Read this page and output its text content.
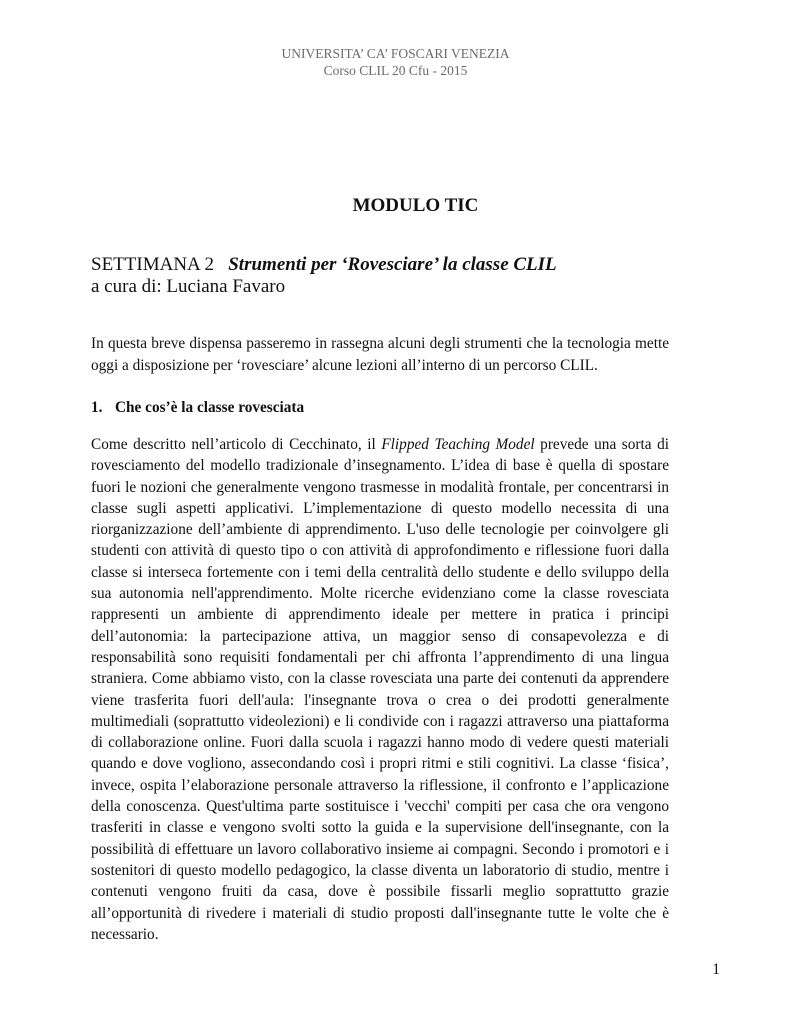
UNIVERSITA’ CA’ FOSCARI VENEZIA
Corso CLIL 20 Cfu - 2015
MODULO TIC
SETTIMANA 2 Strumenti per ‘Rovesciare’ la classe CLIL
a cura di: Luciana Favaro
In questa breve dispensa passeremo in rassegna alcuni degli strumenti che la tecnologia mette oggi a disposizione per ‘rovesciare’ alcune lezioni all’interno di un percorso CLIL.
1. Che cos’è la classe rovesciata
Come descritto nell’articolo di Cecchinato, il Flipped Teaching Model prevede una sorta di rovesciamento del modello tradizionale d’insegnamento. L’idea di base è quella di spostare fuori le nozioni che generalmente vengono trasmesse in modalità frontale, per concentrarsi in classe sugli aspetti applicativi. L’implementazione di questo modello necessita di una riorganizzazione dell’ambiente di apprendimento. L'uso delle tecnologie per coinvolgere gli studenti con attività di questo tipo o con attività di approfondimento e riflessione fuori dalla classe si interseca fortemente con i temi della centralità dello studente e dello sviluppo della sua autonomia nell'apprendimento. Molte ricerche evidenziano come la classe rovesciata rappresenti un ambiente di apprendimento ideale per mettere in pratica i principi dell’autonomia: la partecipazione attiva, un maggior senso di consapevolezza e di responsabilità sono requisiti fondamentali per chi affronta l’apprendimento di una lingua straniera. Come abbiamo visto, con la classe rovesciata una parte dei contenuti da apprendere viene trasferita fuori dell'aula: l'insegnante trova o crea o dei prodotti generalmente multimediali (soprattutto videolezioni) e li condivide con i ragazzi attraverso una piattaforma di collaborazione online. Fuori dalla scuola i ragazzi hanno modo di vedere questi materiali quando e dove vogliono, assecondando così i propri ritmi e stili cognitivi. La classe ‘fisica’, invece, ospita l’elaborazione personale attraverso la riflessione, il confronto e l’applicazione della conoscenza. Quest'ultima parte sostituisce i 'vecchi' compiti per casa che ora vengono trasferiti in classe e vengono svolti sotto la guida e la supervisione dell'insegnante, con la possibilità di effettuare un lavoro collaborativo insieme ai compagni. Secondo i promotori e i sostenitori di questo modello pedagogico, la classe diventa un laboratorio di studio, mentre i contenuti vengono fruiti da casa, dove è possibile fissarli meglio soprattutto grazie all’opportunità di rivedere i materiali di studio proposti dall'insegnante tutte le volte che è necessario.
1
